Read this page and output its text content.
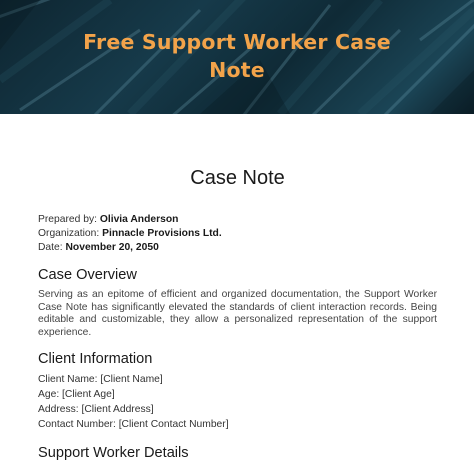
Free Support Worker Case Note
Case Note
Prepared by: Olivia Anderson
Organization: Pinnacle Provisions Ltd.
Date: November 20, 2050
Case Overview
Serving as an epitome of efficient and organized documentation, the Support Worker Case Note has significantly elevated the standards of client interaction records. Being editable and customizable, they allow a personalized representation of the support experience.
Client Information
Client Name: [Client Name]
Age: [Client Age]
Address: [Client Address]
Contact Number: [Client Contact Number]
Support Worker Details
